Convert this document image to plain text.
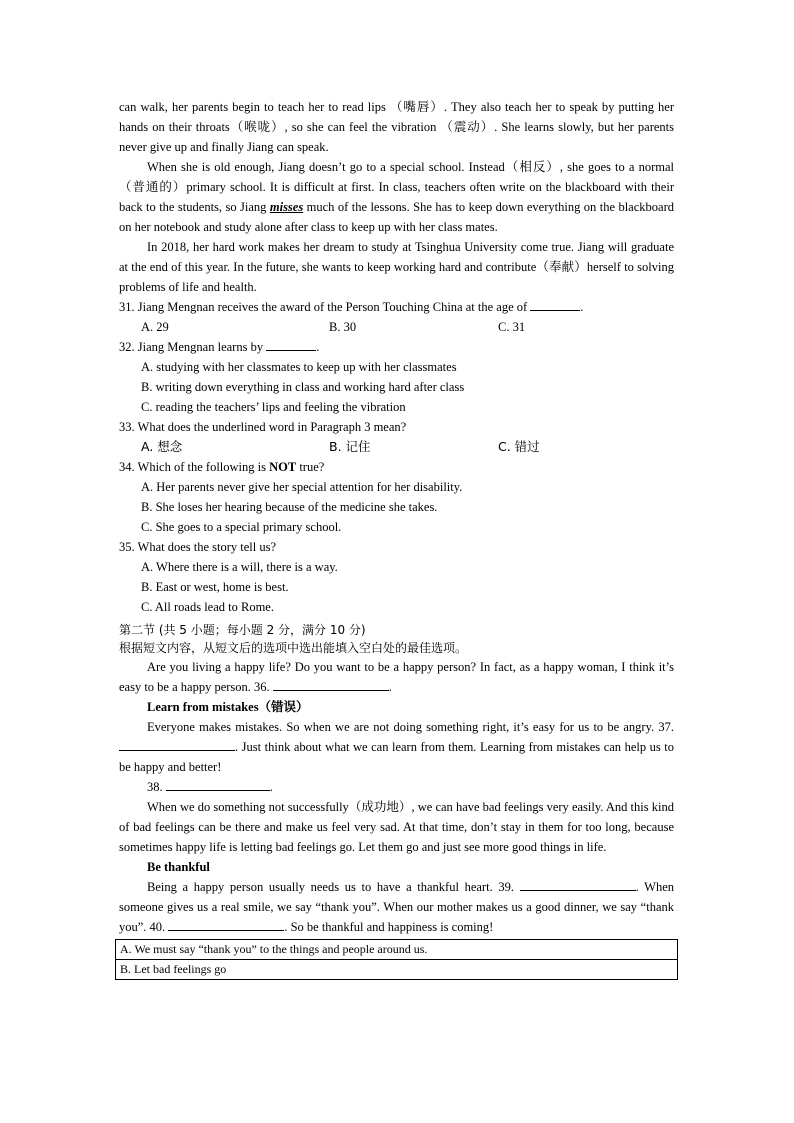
can walk, her parents begin to teach her to read lips （嘴唇）. They also teach her to speak by putting her hands on their throats（喉咙）, so she can feel the vibration （震动）. She learns slowly, but her parents never give up and finally Jiang can speak.

When she is old enough, Jiang doesn’t go to a special school. Instead（相反）, she goes to a normal（普通的）primary school. It is difficult at first. In class, teachers often write on the blackboard with their back to the students, so Jiang misses much of the lessons. She has to keep down everything on the blackboard on her notebook and study alone after class to keep up with her class mates.

In 2018, her hard work makes her dream to study at Tsinghua University come true. Jiang will graduate at the end of this year. In the future, she wants to keep working hard and contribute（奉献）herself to solving problems of life and health.

31. Jiang Mengnan receives the award of the Person Touching China at the age of	.
A. 29	B. 30	C. 31
32. Jiang Mengnan learns by	.
A. studying with her classmates to keep up with her classmates
B. writing down everything in class and working hard after class
C. reading the teachers’ lips and feeling the vibration
33. What does the underlined word in Paragraph 3 mean?
A. 想念	B. 记住	C. 错过
34. Which of the following is NOT true?
A. Her parents never give her special attention for her disability.
B. She loses her hearing because of the medicine she takes.
C. She goes to a special primary school.
35. What does the story tell us?
A. Where there is a will, there is a way.
B. East or west, home is best.
C. All roads lead to Rome.
第二节 (共 5 小题；每小题 2 分，满分 10 分)
根据短文内容，从短文后的选项中选出能填入空白处的最佳选项。

Are you living a happy life? Do you want to be a happy person? In fact, as a happy woman, I think it’s easy to be a happy person. 36.	.

Learn from mistakes（错误）

Everyone makes mistakes. So when we are not doing something right, it’s easy for us to be angry. 37. . Just think about what we can learn from them. Learning from mistakes can help us to be happy and better!

38.	.

When we do something not successfully（成功地）, we can have bad feelings very easily. And this kind of bad feelings can be there and make us feel very sad. At that time, don’t stay in them for too long, because sometimes happy life is letting bad feelings go. Let them go and just see more good things in life.

Be thankful

Being a happy person usually needs us to have a thankful heart. 39.	. When someone gives us a real smile, we say “thank you”. When our mother makes us a good dinner, we say “thank you”. 40.	. So be thankful and happiness is coming!

A. We must say “thank you” to the things and people around us.
B. Let bad feelings go
